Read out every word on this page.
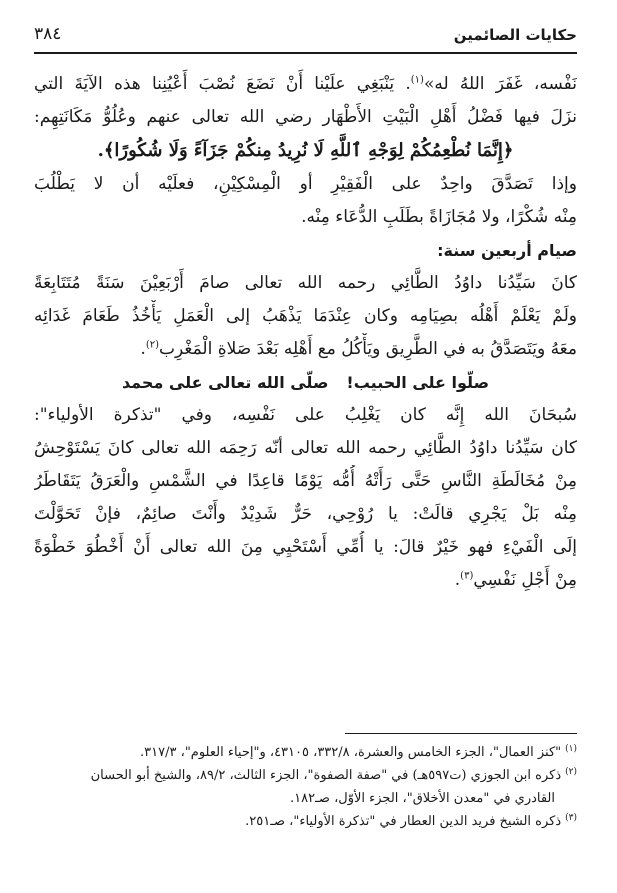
حكايات الصائمين
٣٨٤
نَفْسه، غَفَرَ اللهُ له»$^{(١)}$. يَنْبَغِي علَيْنا أَنْ نَضَعَ نُصْبَ أَعْيُنِنا هذه الآيَةَ التي
نزَلَ فيها فَضْلُ أَهْلِ الْبَيْتِ الأَطْهَار رضي الله تعالى عنهم وعُلُوُّ مَكَانَتِهِم:
﴿إِنَّمَا نُطْعِمُكُمْ لِوَجْهِ ٱللَّهِ لَا نُرِيدُ مِنكُمْ جَزَآءً وَلَا شُكُورًا﴾.
وإذا تَصَدَّقَ واحِدٌ على الْفَقِيْرِ أو الْمِسْكِيْنِ، فعلَيْه أن لا يَطْلُبَ
مِنْه شُكْرًا، ولا مُجَازَاةً بطَلَبِ الدُّعَاء مِنْه.
صيام أربعين سنة:
كانَ سَيِّدُنا داوُدُ الطَّائِي رحمه الله تعالى صامَ أَرْبَعِيْنَ سَنَةً مُتَتَابِعَةً
ولَمْ يَعْلَمْ أَهْلُه بصِيَامِه وكان عِنْدَمَا يَذْهَبُ إلى الْعَمَلِ يَأْخُذُ طَعَامَ غَدَائِه
معَهُ ويَتَصَدَّقُ به في الطَّرِيق ويَأْكُلُ مع أَهْلِه بَعْدَ صَلاةِ الْمَغْرِب$^{(٢)}$.
صلّوا على الحبيب!صلّى الله تعالى على محمد
سُبحَانَ الله إِنَّه كان يَغْلِبُ على نَفْسِه، وفي "تذكرة الأولياء":
كان سَيِّدُنا داوُدُ الطَّائِي رحمه الله تعالى أنّه رَحِمَه الله تعالى كانَ يَسْتَوْحِشُ
مِنْ مُخَالَطَةِ النَّاسِ حَتَّى رَأَتْهُ أُمُّه يَوْمًا قاعِدًا في الشَّمْسِ والْعَرَقُ يَتَقَاطَرُ
مِنْه بَلْ يَجْرِي قالَتْ: يا رُوْحِي، حَرٌّ شَدِيْدٌ وأَنْتَ صائِمٌ، فإنْ تَحَوَّلْتَ
إلَى الْفَيْءِ فهو خَيْرٌ قالَ: يا أُمِّي أَسْتَحْيِي مِنَ الله تعالى أَنْ أَخْطُوَ خَطْوَةً
مِنْ أَجْلِ نَفْسِي$^{(٣)}$.
$^{(١)}$"كنز العمال"، الجزء الخامس والعشرة، ٣٣٢/٨، ٤٣١٠٥، و"إحياء العلوم"، ٣١٧/٣.
$^{(٢)}$ذكره ابن الجوزي (ت٥٩٧هـ) في "صفة الصفوة"، الجزء الثالث، ٨٩/٢، والشيخ أبو الحسان
القادري في "معدن الأخلاق"، الجزء الأوّل، صـ١٨٢.
$^{(٣)}$ذكره الشيخ فريد الدين العطار في "تذكرة الأولياء"، صـ٢٥١.
